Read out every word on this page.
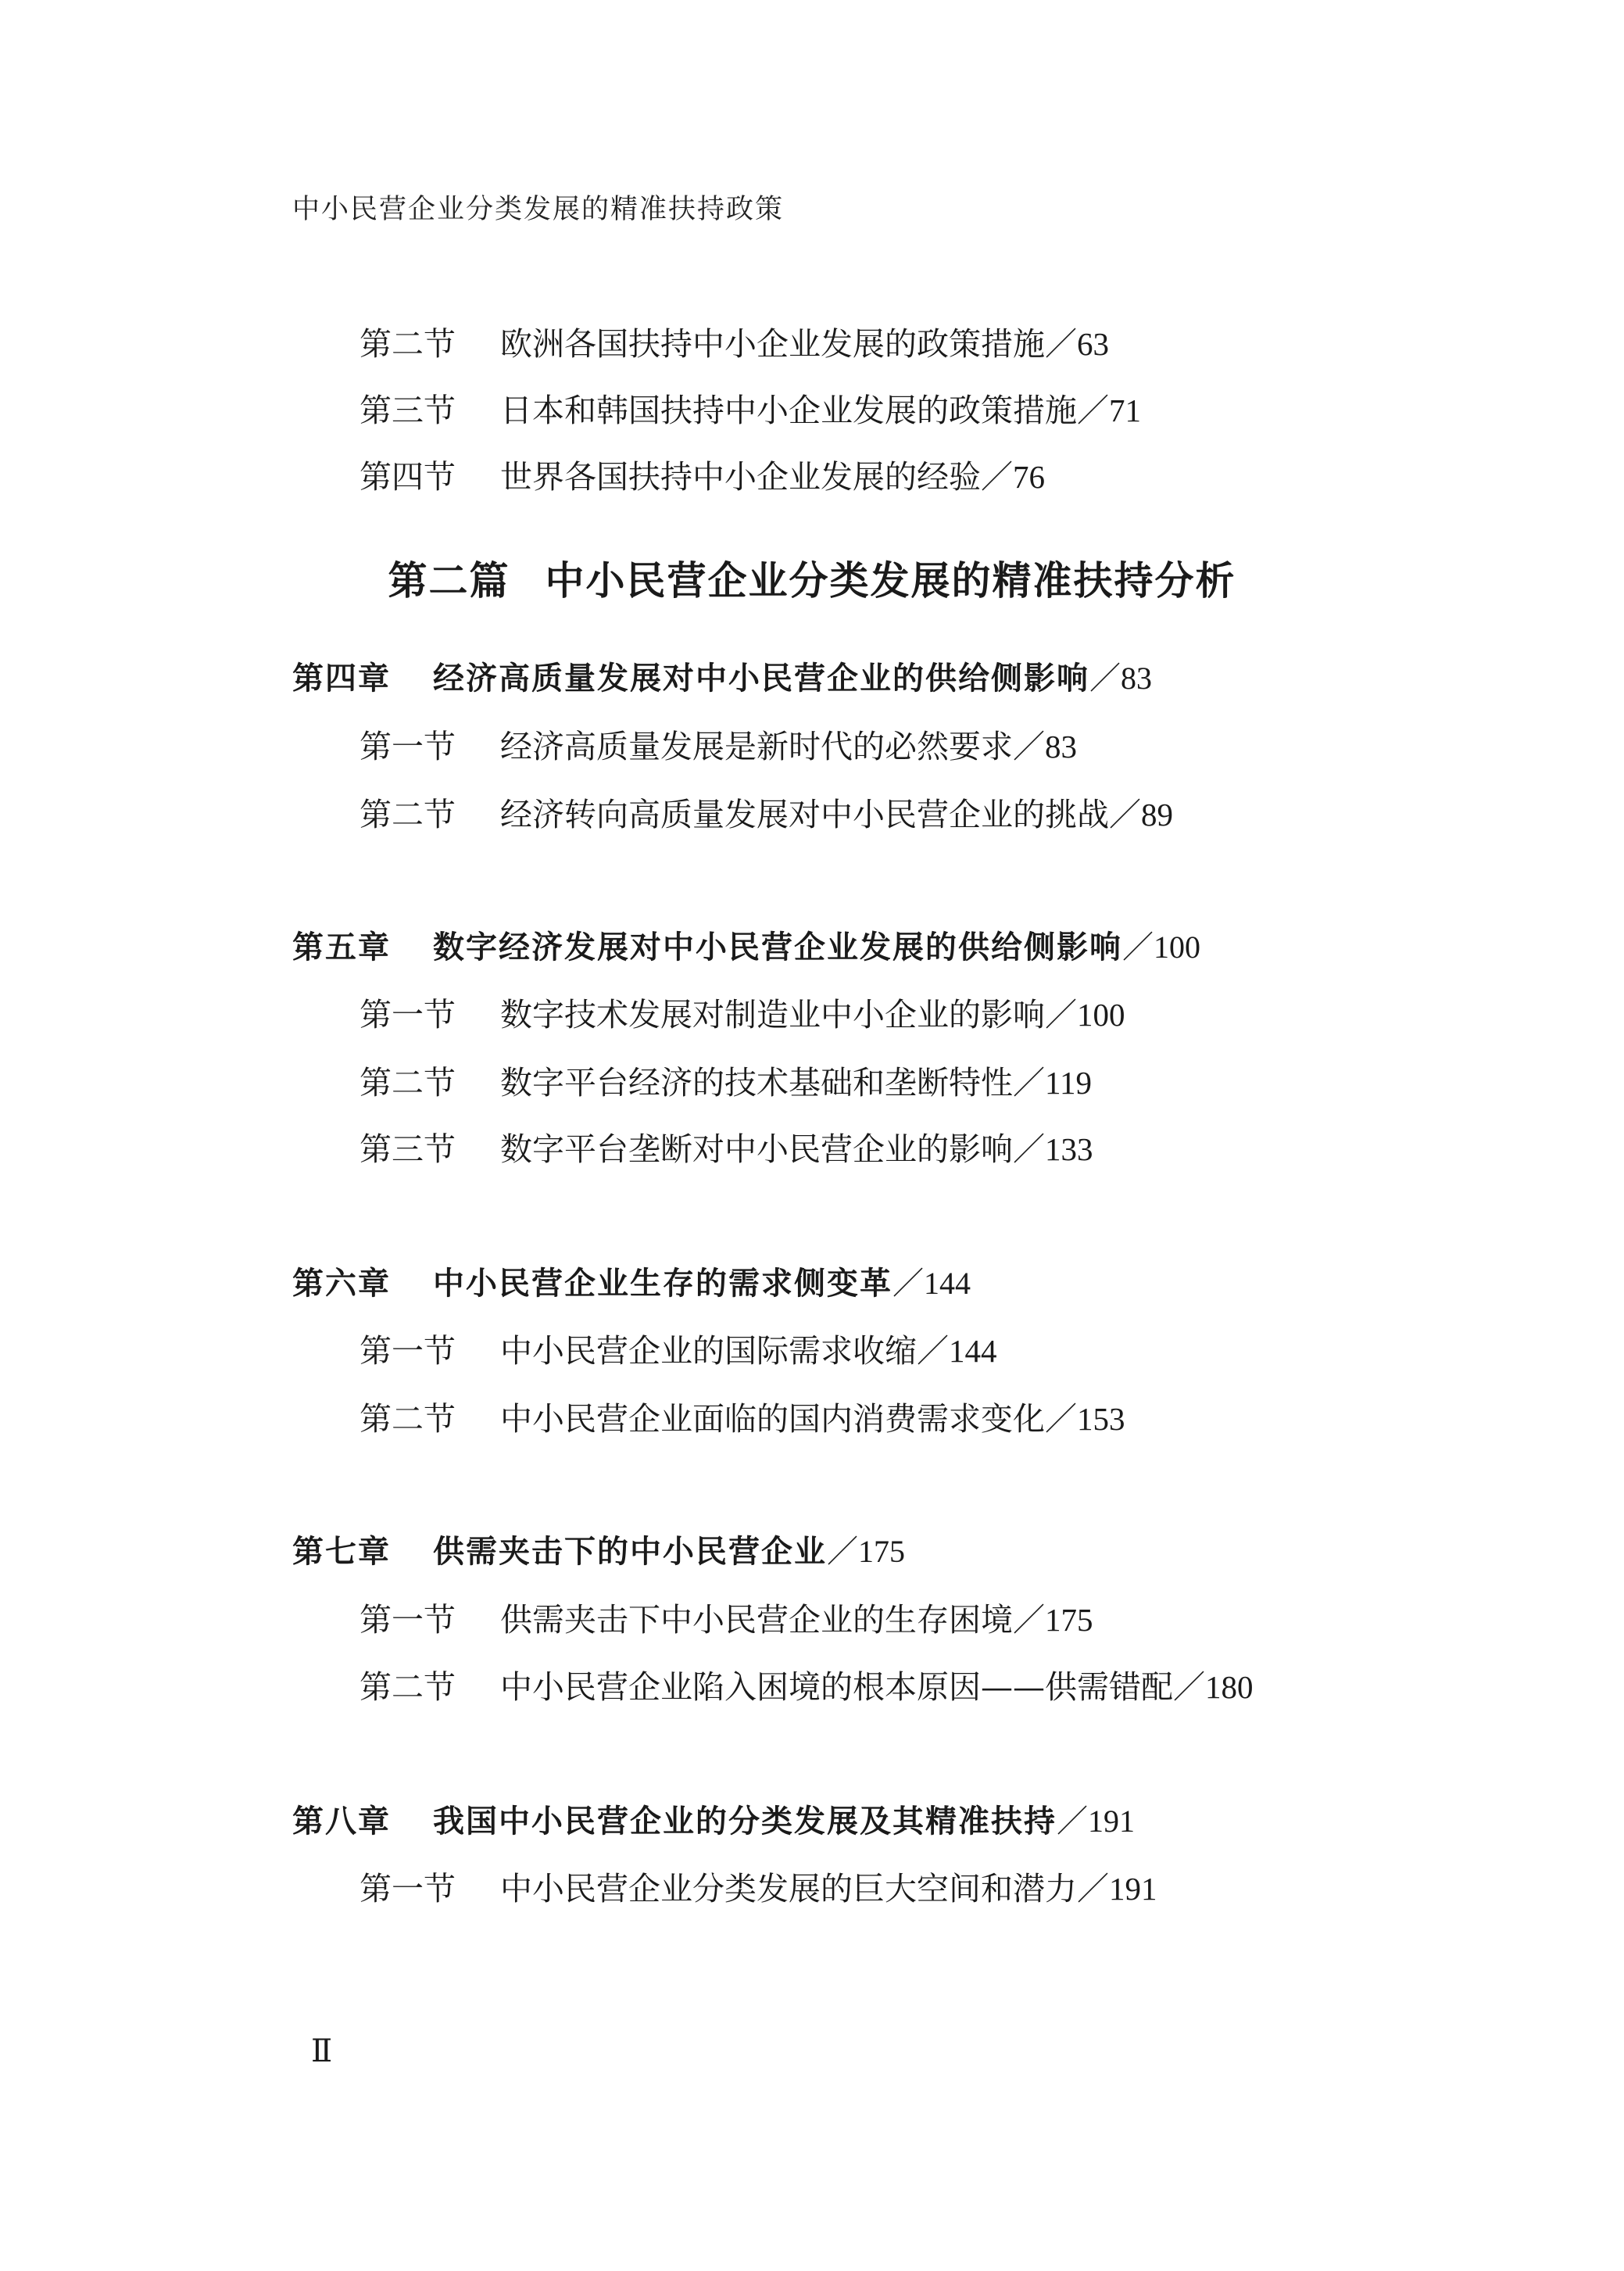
中小民营企业分类发展的精准扶持政策
第二节 欧洲各国扶持中小企业发展的政策措施／63
第三节 日本和韩国扶持中小企业发展的政策措施／71
第四节 世界各国扶持中小企业发展的经验／76
第二篇 中小民营企业分类发展的精准扶持分析
第四章 经济高质量发展对中小民营企业的供给侧影响／83
第一节 经济高质量发展是新时代的必然要求／83
第二节 经济转向高质量发展对中小民营企业的挑战／89
第五章 数字经济发展对中小民营企业发展的供给侧影响／100
第一节 数字技术发展对制造业中小企业的影响／100
第二节 数字平台经济的技术基础和垄断特性／119
第三节 数字平台垄断对中小民营企业的影响／133
第六章 中小民营企业生存的需求侧变革／144
第一节 中小民营企业的国际需求收缩／144
第二节 中小民营企业面临的国内消费需求变化／153
第七章 供需夹击下的中小民营企业／175
第一节 供需夹击下中小民营企业的生存困境／175
第二节 中小民营企业陷入困境的根本原因——供需错配／180
第八章 我国中小民营企业的分类发展及其精准扶持／191
第一节 中小民营企业分类发展的巨大空间和潜力／191
Ⅱ
